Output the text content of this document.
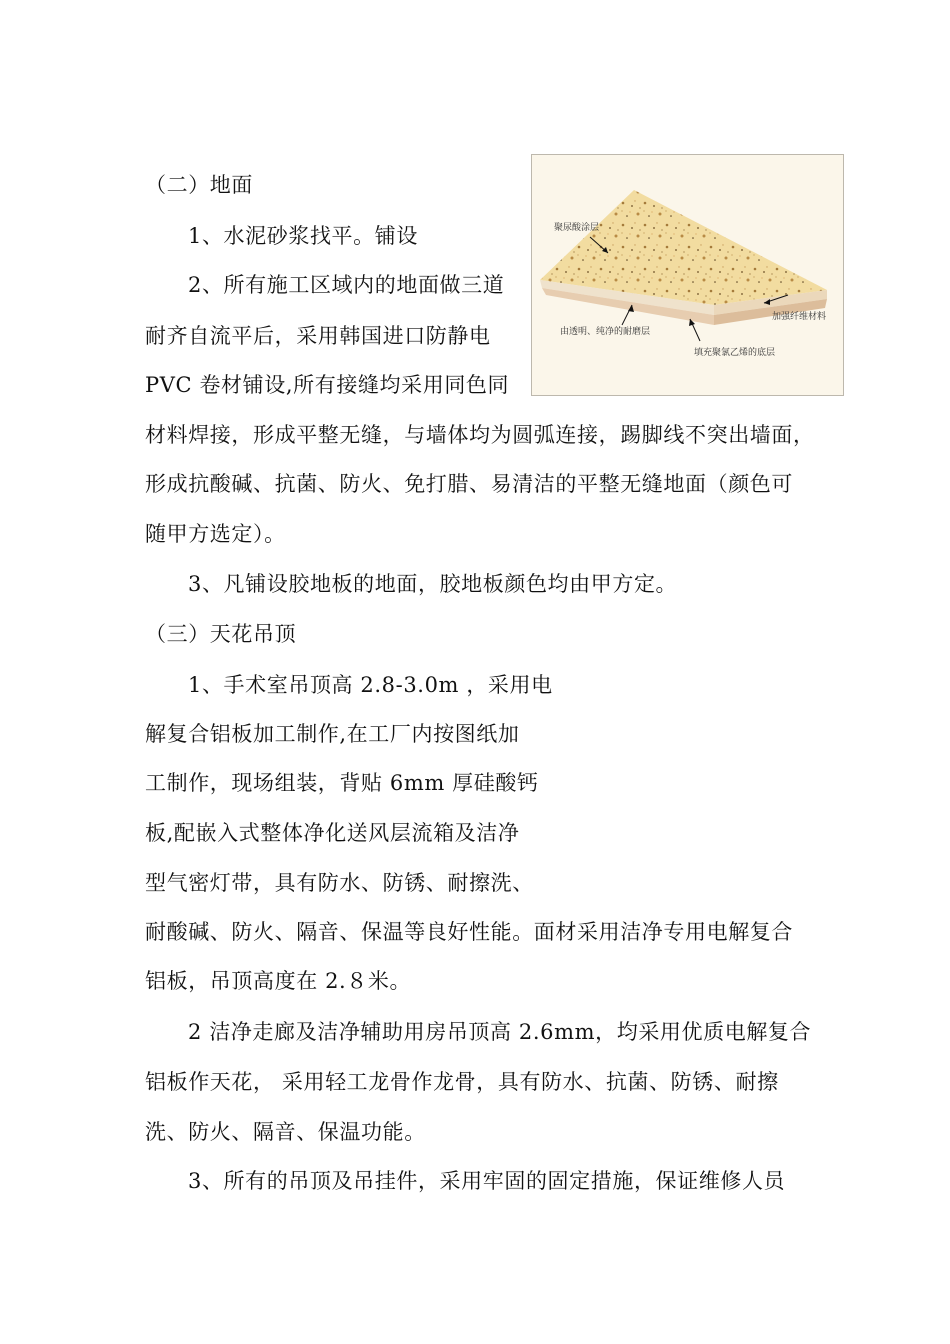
（二）地面
1、水泥砂浆找平。铺设
2、所有施工区域内的地面做三道
耐齐自流平后，采用韩国进口防静电
PVC 卷材铺设,所有接缝均采用同色同
材料焊接，形成平整无缝，与墙体均为圆弧连接，踢脚线不突出墙面，
形成抗酸碱、抗菌、防火、免打腊、易清洁的平整无缝地面（颜色可
随甲方选定）。
3、凡铺设胶地板的地面，胶地板颜色均由甲方定。
（三）天花吊顶
1、手术室吊顶高 2.8-3.0m ，采用电
解复合铝板加工制作,在工厂内按图纸加
工制作，现场组装，背贴 6mm 厚硅酸钙
板,配嵌入式整体净化送风层流箱及洁净
型气密灯带，具有防水、防锈、耐擦洗、
耐酸碱、防火、隔音、保温等良好性能。面材采用洁净专用电解复合
铝板，吊顶高度在 2.８米。
2 洁净走廊及洁净辅助用房吊顶高 2.6mm，均采用优质电解复合
铝板作天花， 采用轻工龙骨作龙骨，具有防水、抗菌、防锈、耐擦
洗、防火、隔音、保温功能。
3、所有的吊顶及吊挂件，采用牢固的固定措施，保证维修人员
聚尿酸涂层
加强纤维材料
由透明、纯净的耐磨层
填充聚氯乙烯的底层
